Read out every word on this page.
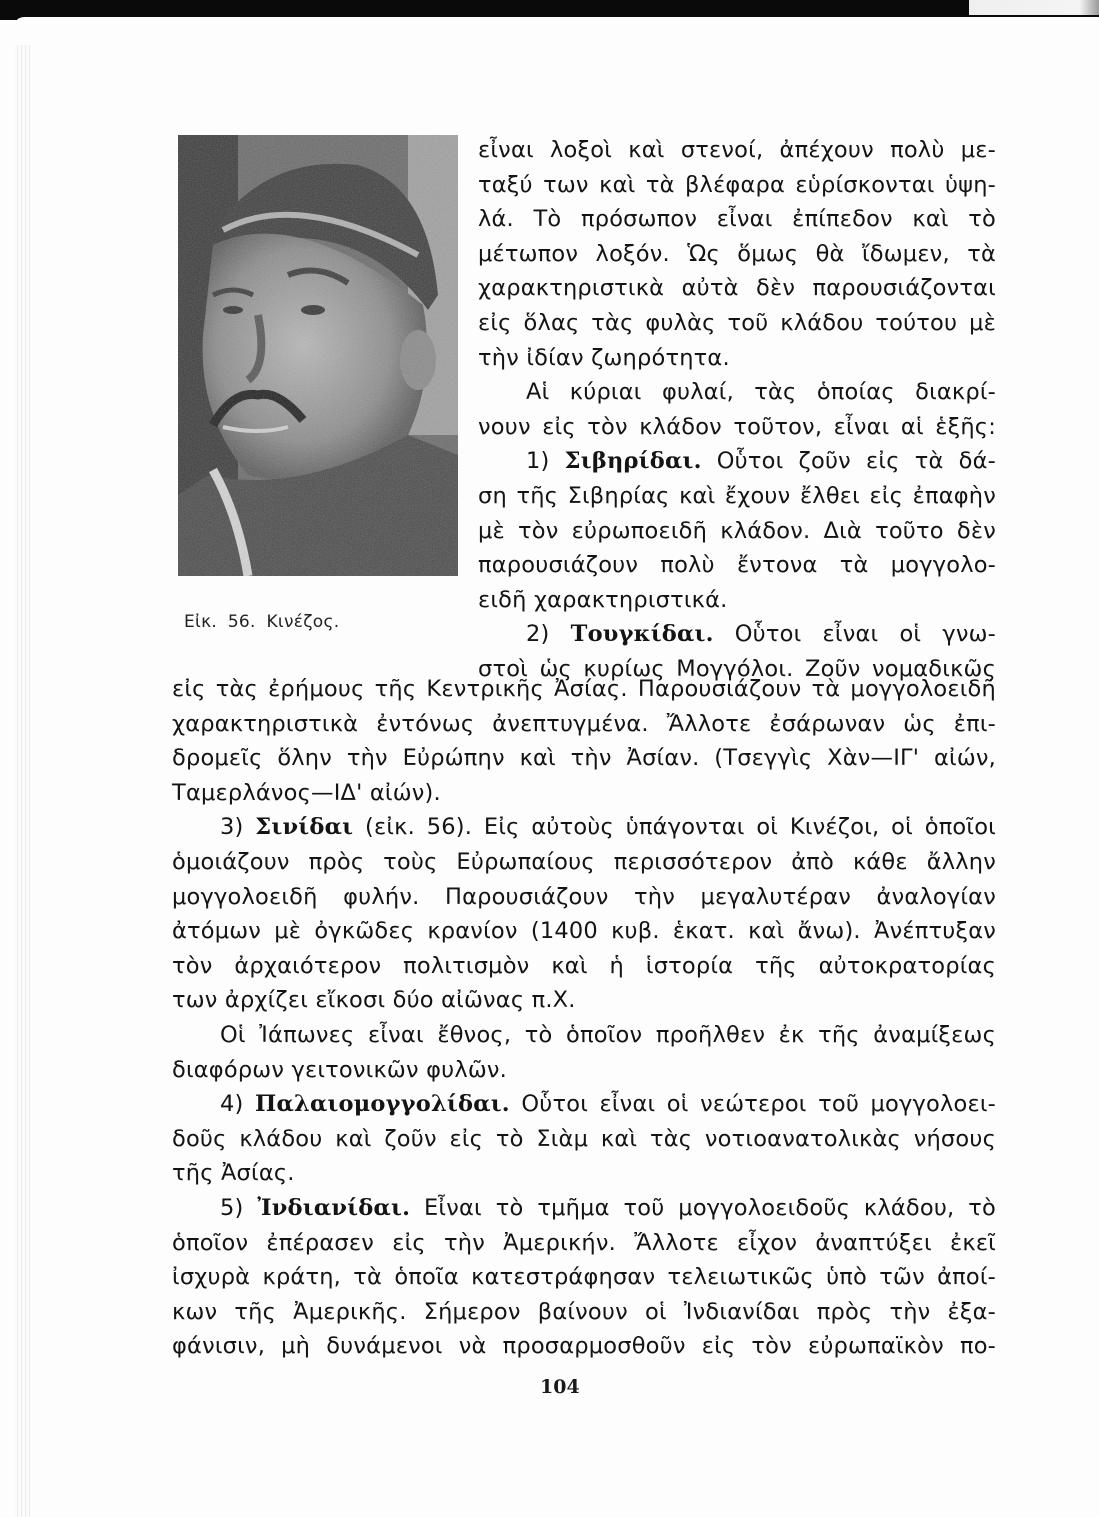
Εἰκ. 56. Κινέζος.
εἶναι λοξοὶ καὶ στενοί, ἀπέχουν πολὺ με-
ταξύ των καὶ τὰ βλέφαρα εὑρίσκονται ὑψη-
λά. Τὸ πρόσωπον εἶναι ἐπίπεδον καὶ τὸ
μέτωπον λοξόν. Ὡς ὅμως θὰ ἴδωμεν, τὰ
χαρακτηριστικὰ αὐτὰ δὲν παρουσιάζονται
εἰς ὅλας τὰς φυλὰς τοῦ κλάδου τούτου μὲ
τὴν ἰδίαν ζωηρότητα.
Αἱ κύριαι φυλαί, τὰς ὁποίας διακρί-
νουν εἰς τὸν κλάδον τοῦτον, εἶναι αἱ ἑξῆς:
1) Σιβηρίδαι. Οὗτοι ζοῦν εἰς τὰ δά-
ση τῆς Σιβηρίας καὶ ἔχουν ἔλθει εἰς ἐπαφὴν
μὲ τὸν εὐρωποειδῆ κλάδον. Διὰ τοῦτο δὲν
παρουσιάζουν πολὺ ἔντονα τὰ μογγολο-
ειδῆ χαρακτηριστικά.
2) Τουγκίδαι. Οὗτοι εἶναι οἱ γνω-
στοὶ ὡς κυρίως Μογγόλοι. Ζοῦν νομαδικῶς
εἰς τὰς ἐρήμους τῆς Κεντρικῆς Ἀσίας. Παρουσιάζουν τὰ μογγολοειδῆ
χαρακτηριστικὰ ἐντόνως ἀνεπτυγμένα. Ἄλλοτε ἐσάρωναν ὡς ἐπι-
δρομεῖς ὅλην τὴν Εὐρώπην καὶ τὴν Ἀσίαν. (Τσεγγὶς Χὰν—ΙΓ' αἰών,
Ταμερλάνος—ΙΔ' αἰών).
3) Σινίδαι (εἰκ. 56). Εἰς αὐτοὺς ὑπάγονται οἱ Κινέζοι, οἱ ὁποῖοι
ὁμοιάζουν πρὸς τοὺς Εὐρωπαίους περισσότερον ἀπὸ κάθε ἄλλην
μογγολοειδῆ φυλήν. Παρουσιάζουν τὴν μεγαλυτέραν ἀναλογίαν
ἀτόμων μὲ ὀγκῶδες κρανίον (1400 κυβ. ἑκατ. καὶ ἄνω). Ἀνέπτυξαν
τὸν ἀρχαιότερον πολιτισμὸν καὶ ἡ ἱστορία τῆς αὐτοκρατορίας
των ἀρχίζει εἴκοσι δύο αἰῶνας π.Χ.
Οἱ Ἰάπωνες εἶναι ἔθνος, τὸ ὁποῖον προῆλθεν ἐκ τῆς ἀναμίξεως
διαφόρων γειτονικῶν φυλῶν.
4) Παλαιομογγολίδαι. Οὗτοι εἶναι οἱ νεώτεροι τοῦ μογγολοει-
δοῦς κλάδου καὶ ζοῦν εἰς τὸ Σιὰμ καὶ τὰς νοτιοανατολικὰς νήσους
τῆς Ἀσίας.
5) Ἰνδιανίδαι. Εἶναι τὸ τμῆμα τοῦ μογγολοειδοῦς κλάδου, τὸ
ὁποῖον ἐπέρασεν εἰς τὴν Ἀμερικήν. Ἄλλοτε εἶχον ἀναπτύξει ἐκεῖ
ἰσχυρὰ κράτη, τὰ ὁποῖα κατεστράφησαν τελειωτικῶς ὑπὸ τῶν ἀποί-
κων τῆς Ἀμερικῆς. Σήμερον βαίνουν οἱ Ἰνδιανίδαι πρὸς τὴν ἐξα-
φάνισιν, μὴ δυνάμενοι νὰ προσαρμοσθοῦν εἰς τὸν εὐρωπαϊκὸν πο-
104
